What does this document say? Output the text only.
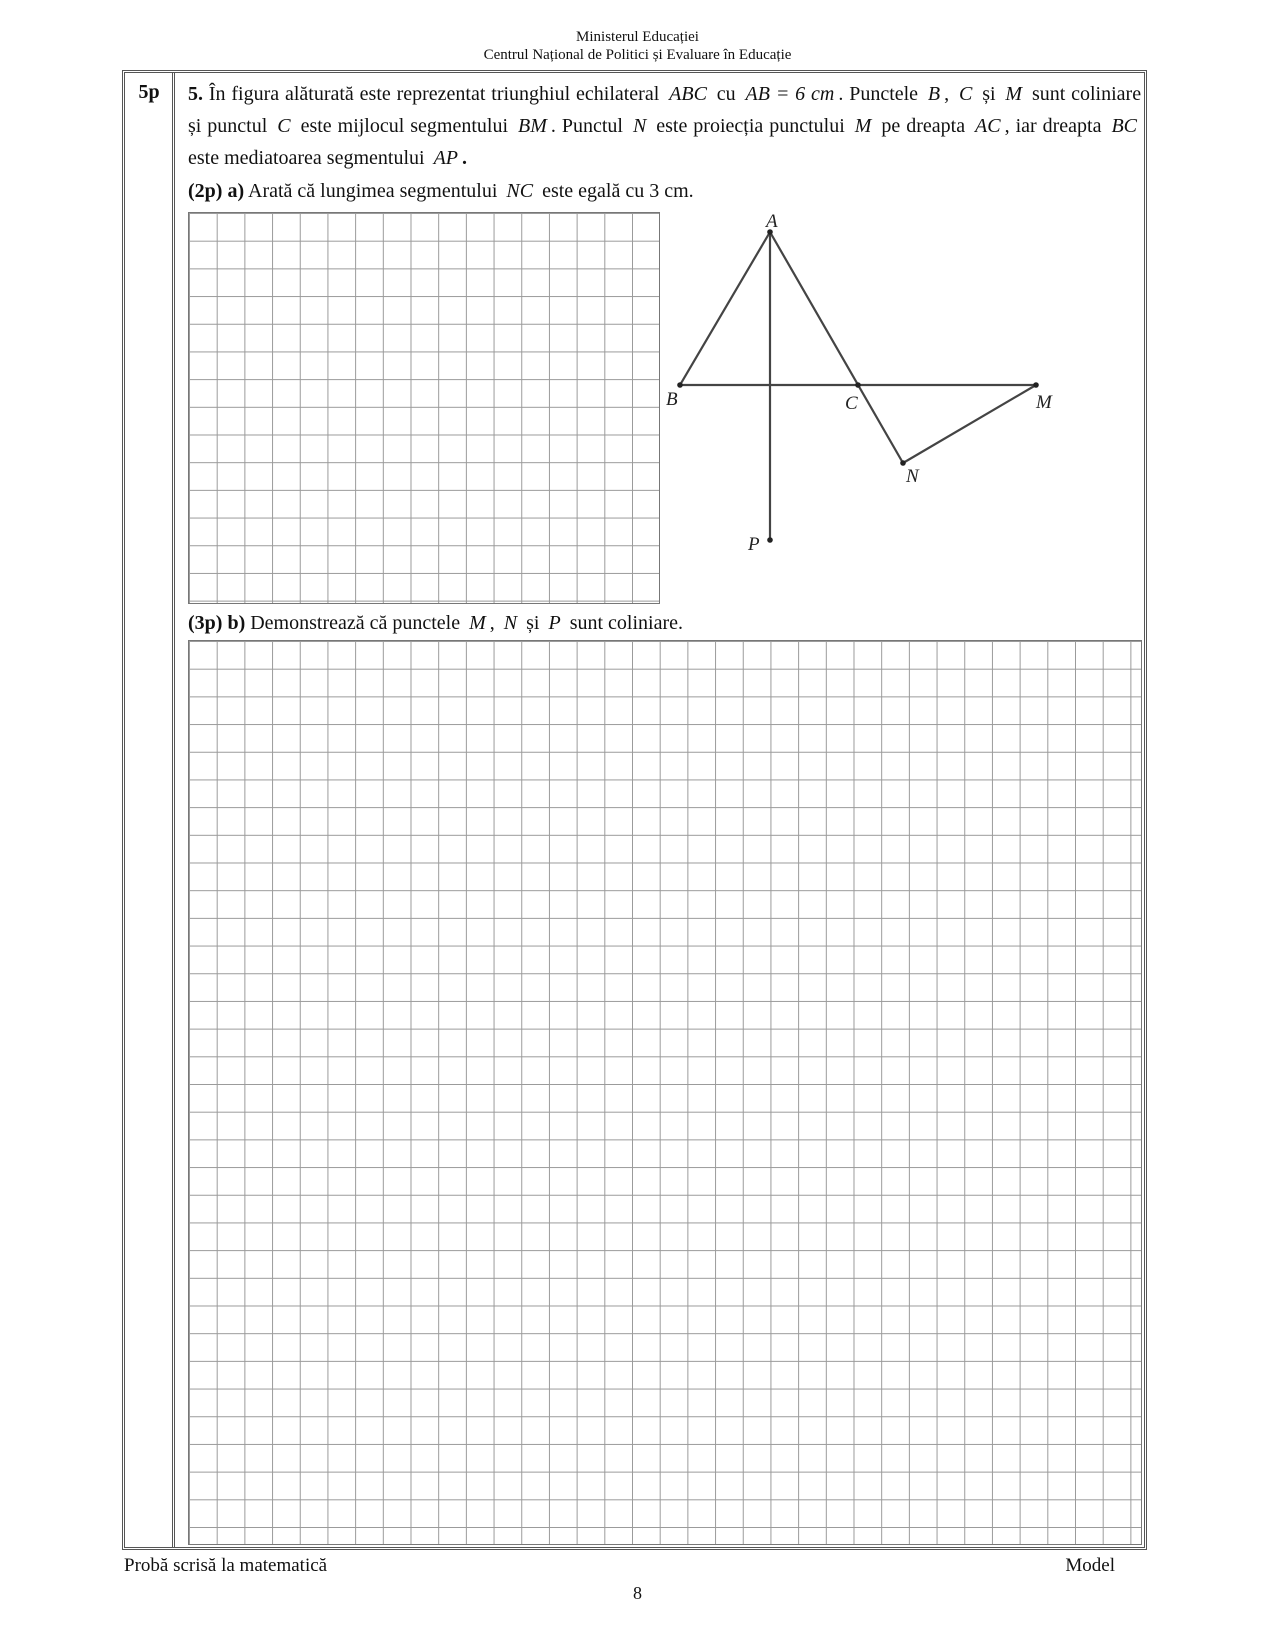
Ministerul Educației
Centrul Național de Politici și Evaluare în Educație
5p	5. În figura alăturată este reprezentat triunghiul echilateral ABC cu AB = 6 cm . Punctele B , C și M sunt coliniare și punctul C este mijlocul segmentului BM . Punctul N este proiecția punctului M pe dreapta AC , iar dreapta BC este mediatoarea segmentului AP .

(2p) a) Arată că lungimea segmentului NC este egală cu 3 cm.
A
B	C	M
N
P
(3p) b) Demonstrează că punctele M , N și P sunt coliniare.
Probă scrisă la matematică	Model
8
